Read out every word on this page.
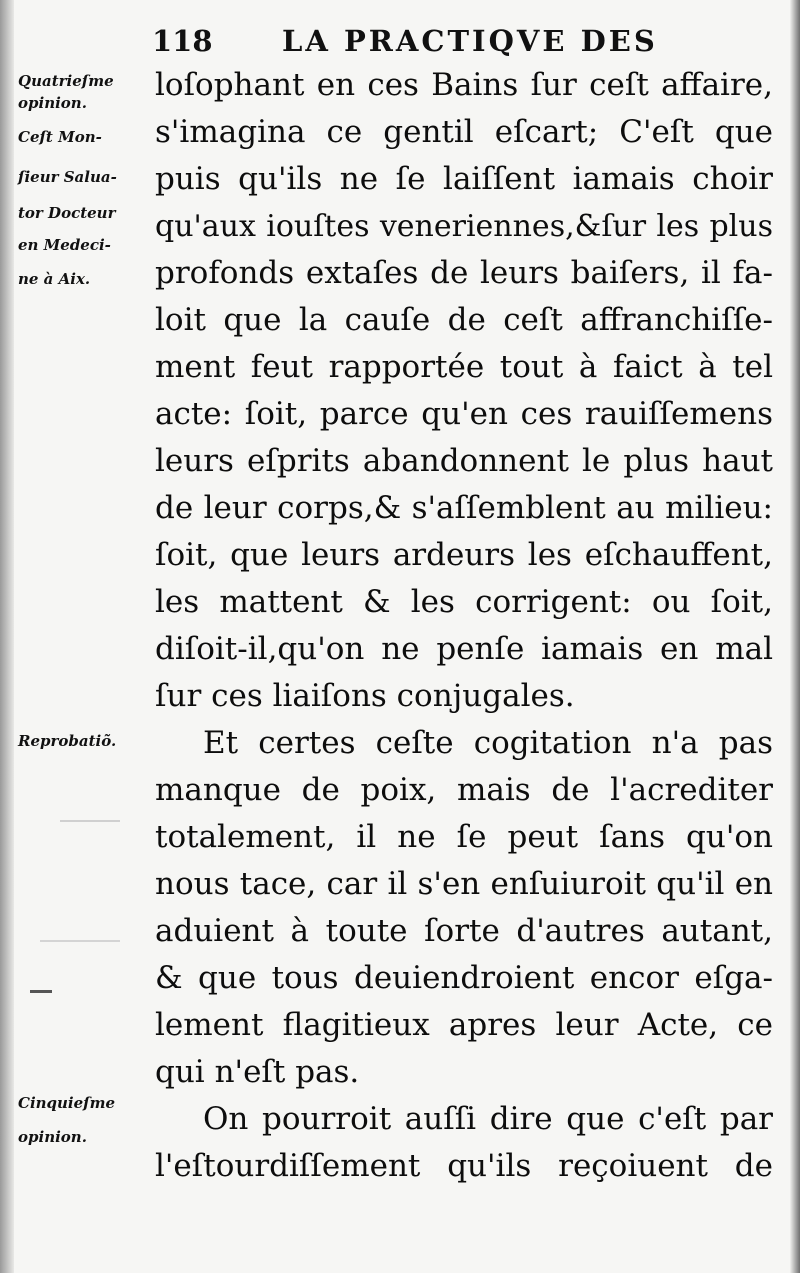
118 LA PRACTIQVE DES
Quatrieſme
opinion.
Ceſt Mon-
ſieur Salua-
tor Docteur
en Medeci-
ne à Aix.
Reprobatiõ.
Cinquieſme
opinion.
loſophant en ces Bains ſur ceſt affaire,
s'imagina ce gentil eſcart; C'eſt que
puis qu'ils ne ſe laiſſent iamais choir
qu'aux iouſtes veneriennes,&ſur les plus
profonds extaſes de leurs baiſers, il fa-
loit que la cauſe de ceſt affranchiſſe-
ment feut rapportée tout à faict à tel
acte: ſoit, parce qu'en ces rauiſſemens
leurs eſprits abandonnent le plus haut
de leur corps,& s'aſſemblent au milieu:
ſoit, que leurs ardeurs les eſchauffent,
les mattent & les corrigent: ou ſoit,
diſoit-il,qu'on ne penſe iamais en mal
ſur ces liaiſons conjugales.
Et certes ceſte cogitation n'a pas
manque de poix, mais de l'acrediter
totalement, il ne ſe peut ſans qu'on
nous tace, car il s'en enſuiuroit qu'il en
aduient à toute ſorte d'autres autant,
& que tous deuiendroient encor eſga-
lement flagitieux apres leur Acte, ce
qui n'eſt pas.
On pourroit auſſi dire que c'eſt par
l'eſtourdiſſement qu'ils reçoiuent de
